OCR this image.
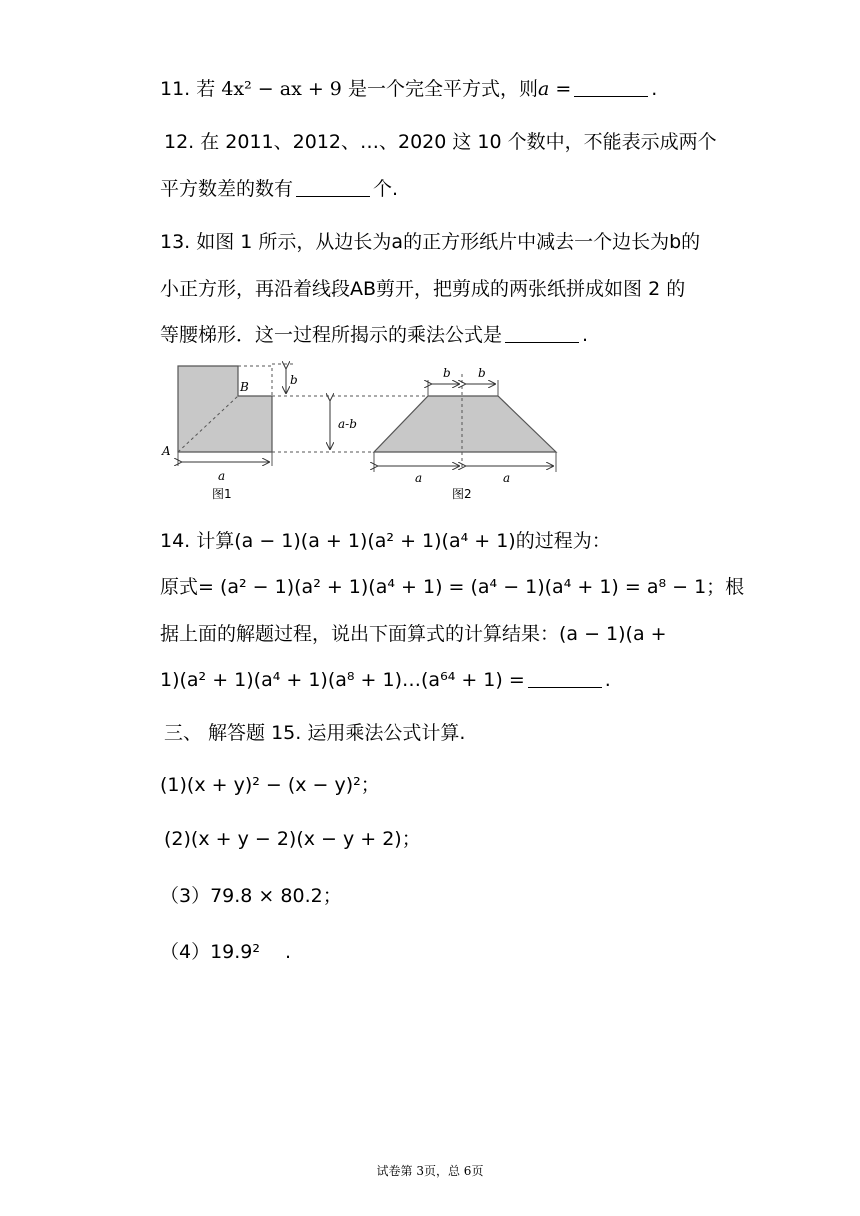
11. 若 4x² − ax + 9 是一个完全平方式，则a =	.
12. 在 2011、2012、…、2020 这 10 个数中，不能表示成两个
平方数差的数有	个.
13. 如图 1 所示，从边长为a的正方形纸片中减去一个边长为b的
小正方形，再沿着线段AB剪开，把剪成的两张纸拼成如图 2 的
等腰梯形．这一过程所揭示的乘法公式是	.
A
B	b
a-b
a
图1
b b
a	a
图2
14. 计算(a − 1)(a + 1)(a² + 1)(a⁴ + 1)的过程为：
原式= (a² − 1)(a² + 1)(a⁴ + 1) = (a⁴ − 1)(a⁴ + 1) = a⁸ − 1；根
据上面的解题过程，说出下面算式的计算结果：(a − 1)(a +
1)(a² + 1)(a⁴ + 1)(a⁸ + 1)…(a⁶⁴ + 1) =	.
三、 解答题 15. 运用乘法公式计算.
(1)(x + y)² − (x − y)²；
(2)(x + y − 2)(x − y + 2)；
（3）79.8 × 80.2；
（4）19.9²　 .
试卷第 3页，总 6页
